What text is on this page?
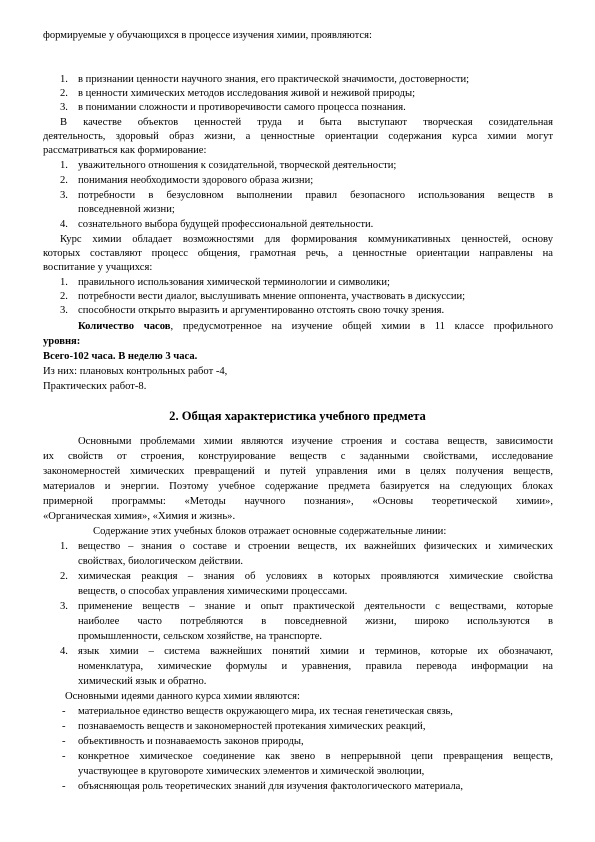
формируемые у обучающихся в процессе изучения химии, проявляются:
1. в признании ценности научного знания, его практической значимости, достоверности;
2. в ценности химических методов исследования живой и неживой природы;
3. в понимании сложности и противоречивости самого процесса познания.
В качестве объектов ценностей труда и быта выступают творческая созидательная
деятельность, здоровый образ жизни, а ценностные ориентации содержания курса химии могут
рассматриваться как формирование:
1. уважительного отношения к созидательной, творческой деятельности;
2. понимания необходимости здорового образа жизни;
3. потребности в безусловном выполнении правил безопасного использования веществ в
повседневной жизни;
4. сознательного выбора будущей профессиональной деятельности.
Курс химии обладает возможностями для формирования коммуникативных ценностей, основу
которых составляют процесс общения, грамотная речь, а ценностные ориентации направлены на
воспитание у учащихся:
1. правильного использования химической терминологии и символики;
2. потребности вести диалог, выслушивать мнение оппонента, участвовать в дискуссии;
3. способности открыто выразить и аргументированно отстоять свою точку зрения.
Количество часов, предусмотренное на изучение общей химии в 11 классе профильного
уровня:
Всего-102 часа. В неделю 3 часа.
Из них: плановых контрольных работ -4,
Практических работ-8.
2. Общая характеристика учебного предмета
Основными проблемами химии являются изучение строения и состава веществ, зависимости
их свойств от строения, конструирование веществ с заданными свойствами, исследование
закономерностей химических превращений и путей управления ими в целях получения веществ,
материалов и энергии. Поэтому учебное содержание предмета базируется на следующих блоках
примерной программы: «Методы научного познания», «Основы теоретической химии»,
«Органическая химия», «Химия и жизнь».
Содержание этих учебных блоков отражает основные содержательные линии:
1. вещество – знания о составе и строении веществ, их важнейших физических и химических
свойствах, биологическом действии.
2. химическая реакция – знания об условиях в которых проявляются химические свойства
веществ, о способах управления химическими процессами.
3. применение веществ – знание и опыт практической деятельности с веществами, которые
наиболее часто потребляются в повседневной жизни, широко используются в
промышленности, сельском хозяйстве, на транспорте.
4. язык химии – система важнейших понятий химии и терминов, которые их обозначают,
номенклатура, химические формулы и уравнения, правила перевода информации на
химический язык и обратно.
Основными идеями данного курса химии являются:
- материальное единство веществ окружающего мира, их тесная генетическая связь,
- познаваемость веществ и закономерностей протекания химических реакций,
- объективность и познаваемость законов природы,
- конкретное химическое соединение как звено в непрерывной цепи превращения веществ,
участвующее в круговороте химических элементов и химической эволюции,
- объясняющая роль теоретических знаний для изучения фактологического материала,
